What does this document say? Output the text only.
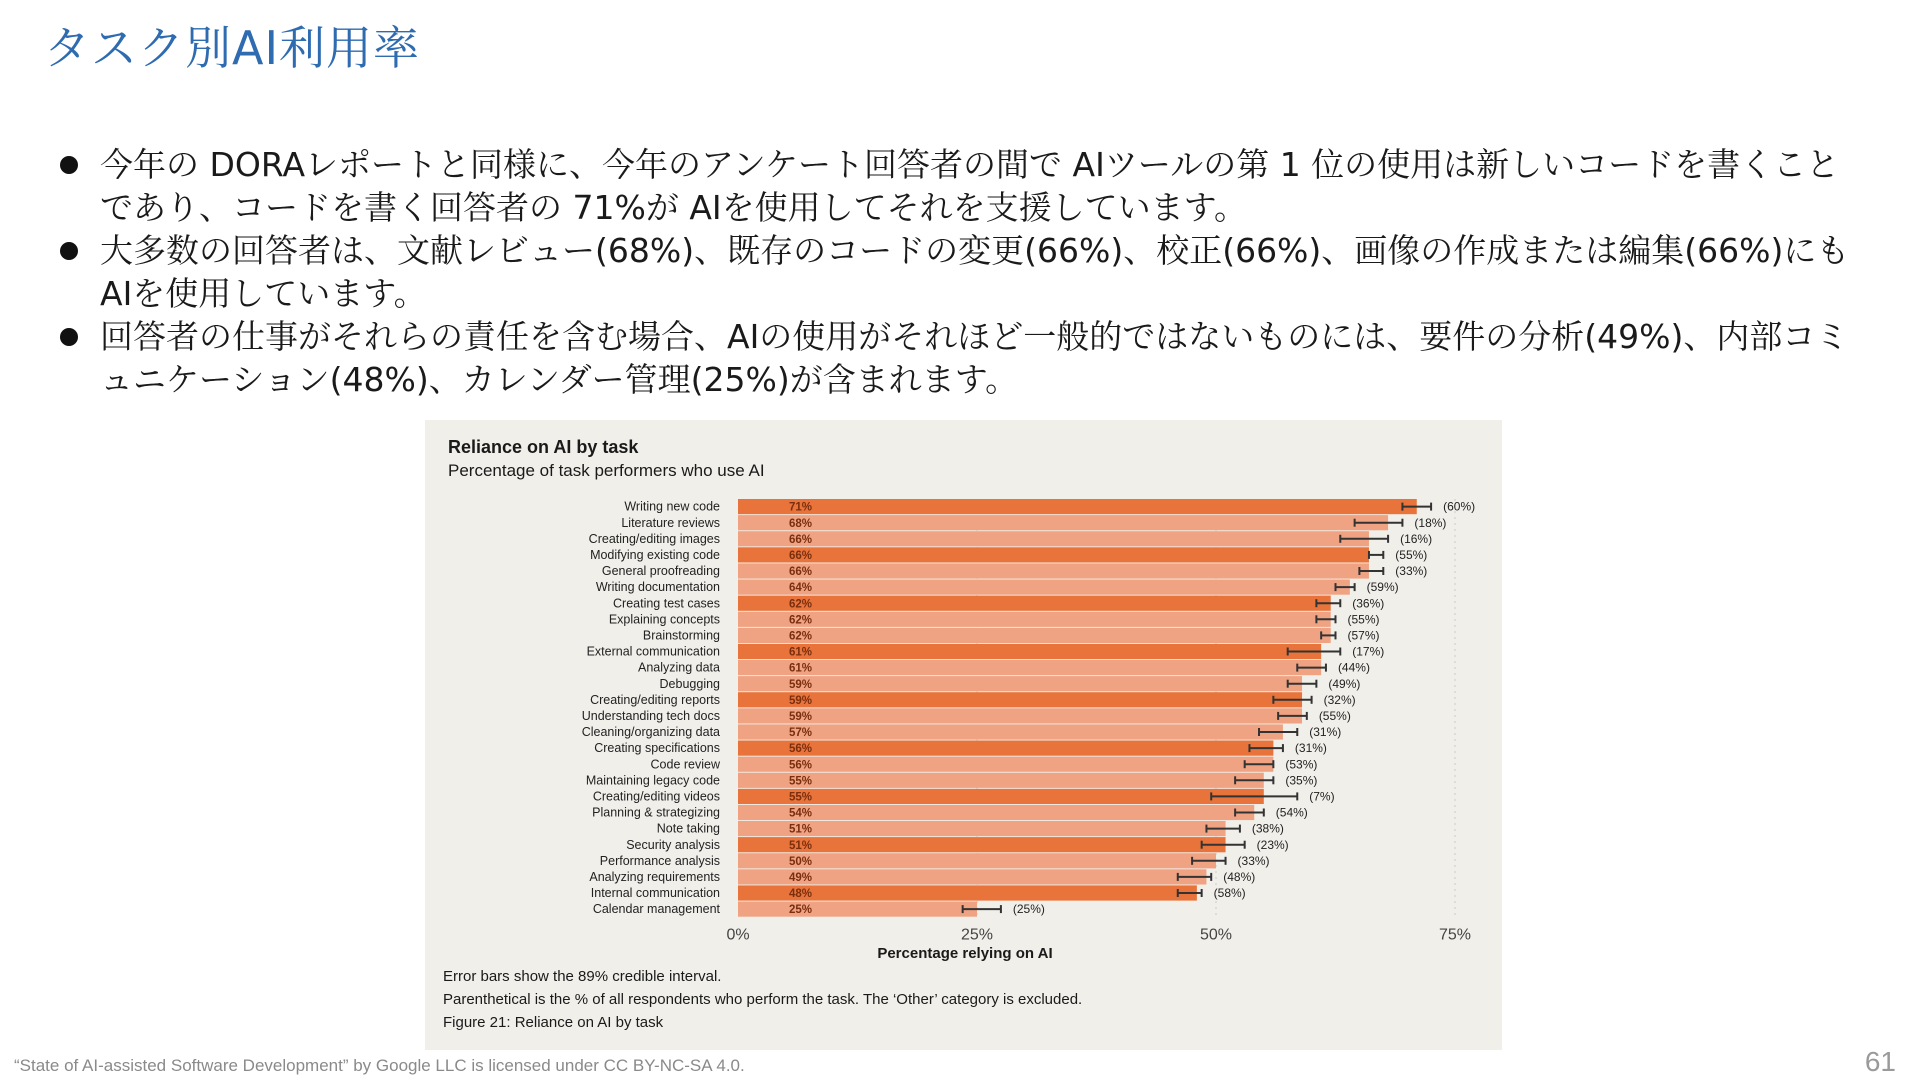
タスク別AI利用率
今年の DORAレポートと同様に、今年のアンケート回答者の間で AIツールの第 1 位の使用は新しいコードを書くことであり、コードを書く回答者の 71%が AIを使用してそれを支援しています。
大多数の回答者は、文献レビュー(68%)、既存のコードの変更(66%)、校正(66%)、画像の作成または編集(66%)にも AIを使用しています。
回答者の仕事がそれらの責任を含む場合、AIの使用がそれほど一般的ではないものには、要件の分析(49%)、内部コミュニケーション(48%)、カレンダー管理(25%)が含まれます。
Reliance on AI by task
Percentage of task performers who use AI
Writing new code	71%	(60%)
Literature reviews	68%	(18%)
Creating/editing images	66%	(16%)
Modifying existing code	66%	(55%)
General proofreading	66%	(33%)
Writing documentation	64%	(59%)
Creating test cases	62%	(36%)
Explaining concepts	62%	(55%)
Brainstorming	62%	(57%)
External communication	61%	(17%)
Analyzing data	61%	(44%)
Debugging	59%	(49%)
Creating/editing reports	59%	(32%)
Understanding tech docs	59%	(55%)
Cleaning/organizing data	57%	(31%)
Creating specifications	56%	(31%)
Code review	56%	(53%)
Maintaining legacy code	55%	(35%)
Creating/editing videos	55%	(7%)
Planning & strategizing	54%	(54%)
Note taking	51%	(38%)
Security analysis	51%	(23%)
Performance analysis	50%	(33%)
Analyzing requirements	49%	(48%)
Internal communication	48%	(58%)
Calendar management	25%	(25%)
0%	25%	50%	75%
Percentage relying on AI
Error bars show the 89% credible interval.
Parenthetical is the % of all respondents who perform the task. The ‘Other’ category is excluded.
Figure 21: Reliance on AI by task
“State of AI-assisted Software Development” by Google LLC is licensed under CC BY-NC-SA 4.0.	61
